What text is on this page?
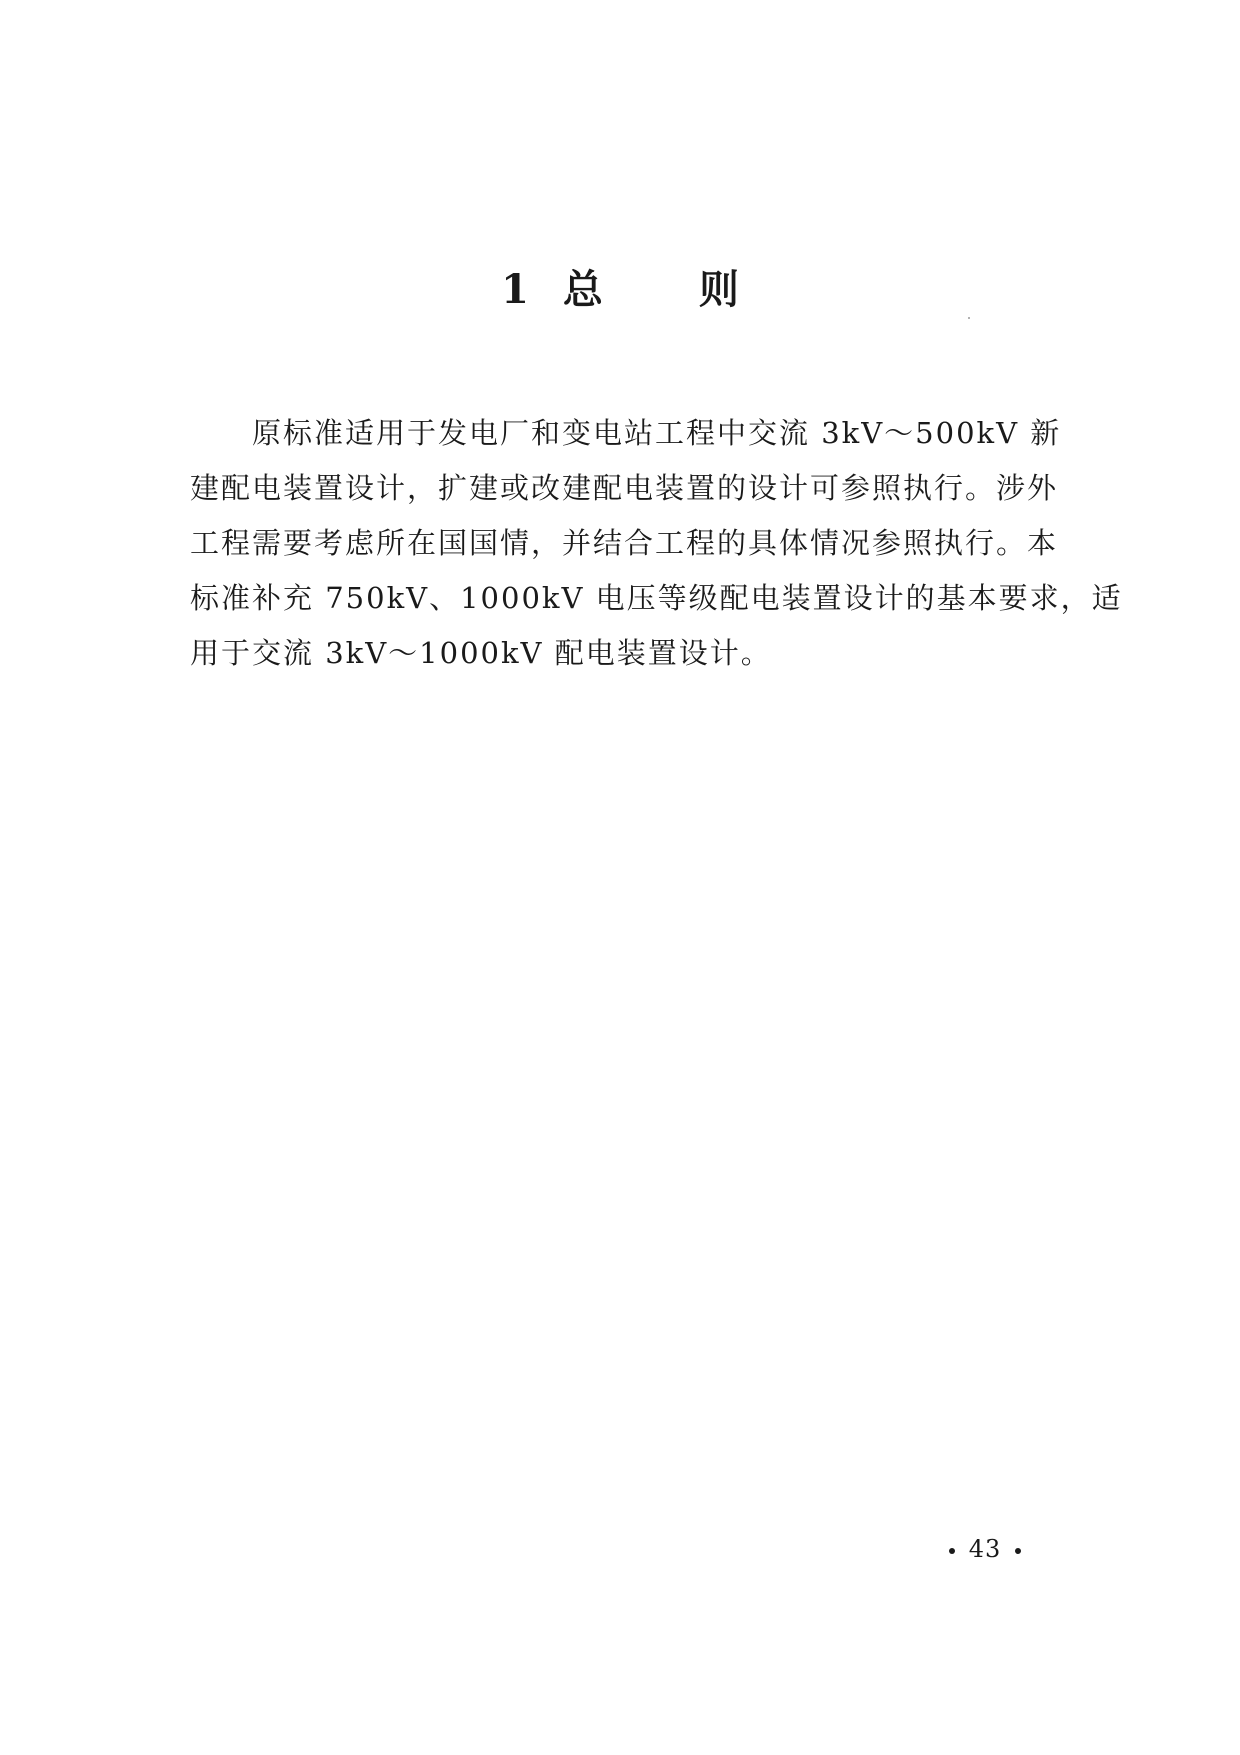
1 总 则
原标准适用于发电厂和变电站工程中交流 3kV～500kV 新
建配电装置设计，扩建或改建配电装置的设计可参照执行。涉外
工程需要考虑所在国国情，并结合工程的具体情况参照执行。本
标准补充 750kV、1000kV 电压等级配电装置设计的基本要求，适
用于交流 3kV～1000kV 配电装置设计。
43
